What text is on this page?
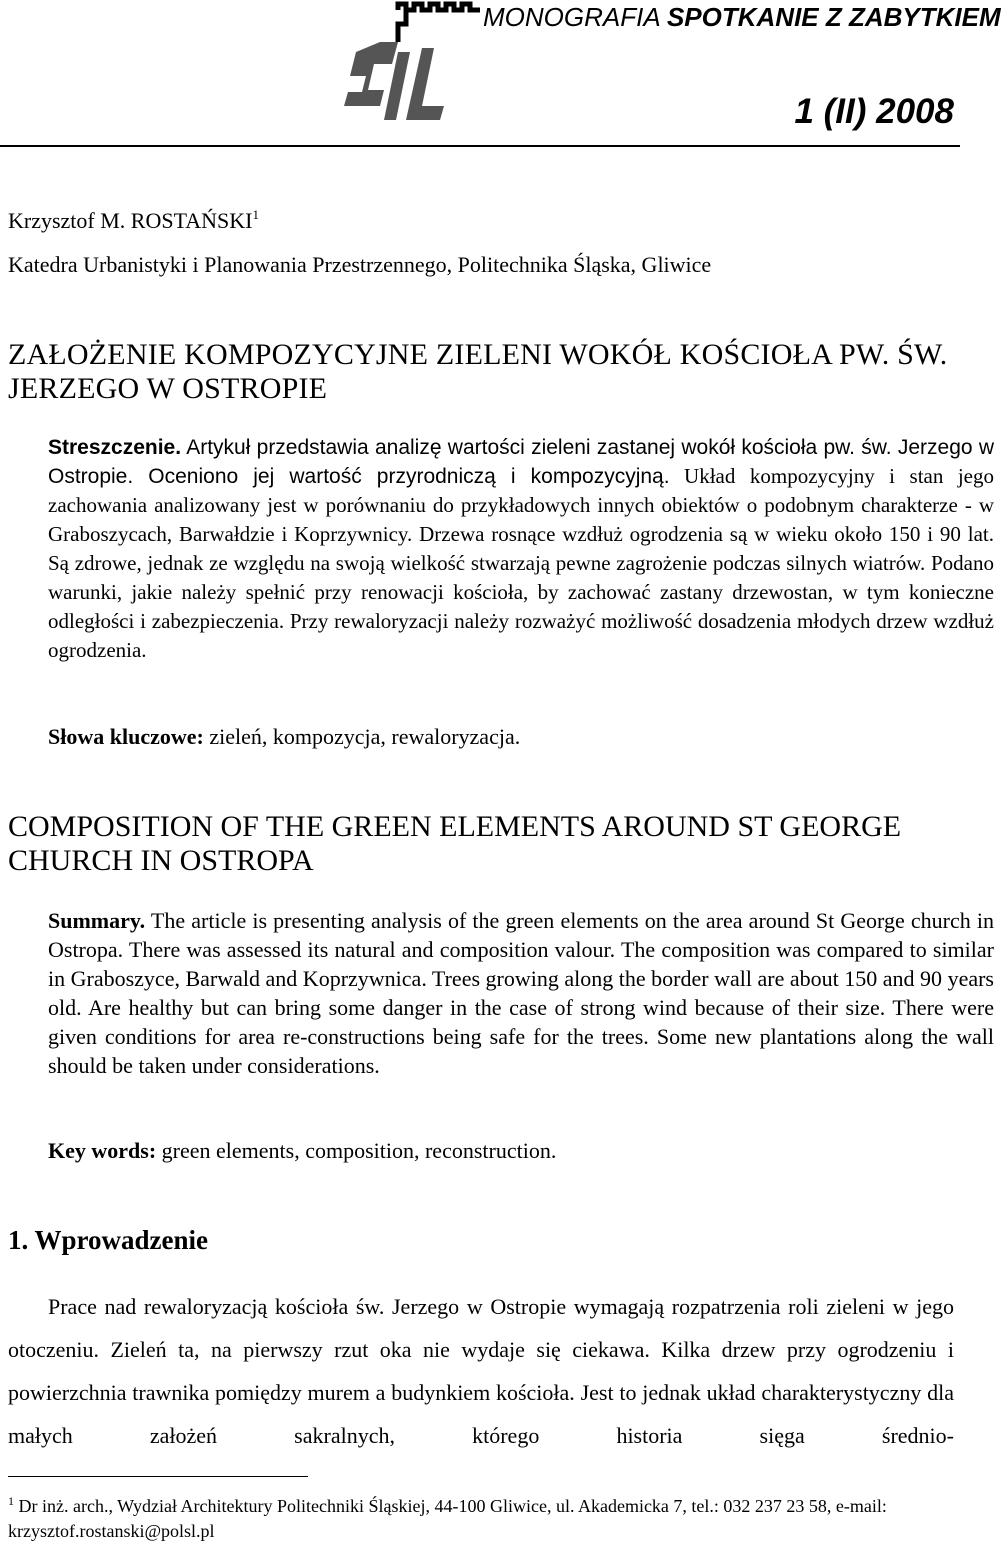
MONOGRAFIA SPOTKANIE Z ZABYTKIEM
1 (II) 2008
Krzysztof M. ROSTAŃSKI$^1$
Katedra Urbanistyki i Planowania Przestrzennego, Politechnika Śląska, Gliwice
ZAŁOŻENIE KOMPOZYCYJNE ZIELENI WOKÓŁ KOŚCIOŁA PW. ŚW. JERZEGO W OSTROPIE

Streszczenie. Artykuł przedstawia analizę wartości zieleni zastanej wokół kościoła pw. św. Jerzego w Ostropie. Oceniono jej wartość przyrodniczą i kompozycyjną. Układ kompozycyjny i stan jego zachowania analizowany jest w porównaniu do przykładowych innych obiektów o podobnym charakterze - w Graboszycach, Barwałdzie i Koprzywnicy. Drzewa rosnące wzdłuż ogrodzenia są w wieku około 150 i 90 lat. Są zdrowe, jednak ze względu na swoją wielkość stwarzają pewne zagrożenie podczas silnych wiatrów. Podano warunki, jakie należy spełnić przy renowacji kościoła, by zachować zastany drzewostan, w tym konieczne odległości i zabezpieczenia. Przy rewaloryzacji należy rozważyć możliwość dosadzenia młodych drzew wzdłuż ogrodzenia.

Słowa kluczowe: zieleń, kompozycja, rewaloryzacja.
COMPOSITION OF THE GREEN ELEMENTS AROUND ST GEORGE CHURCH IN OSTROPA

Summary. The article is presenting analysis of the green elements on the area around St George church in Ostropa. There was assessed its natural and composition valour. The composition was compared to similar in Graboszyce, Barwald and Koprzywnica. Trees growing along the border wall are about 150 and 90 years old. Are healthy but can bring some danger in the case of strong wind because of their size. There were given conditions for area re-constructions being safe for the trees. Some new plantations along the wall should be taken under considerations.

Key words: green elements, composition, reconstruction.
1. Wprowadzenie

Prace nad rewaloryzacją kościoła św. Jerzego w Ostropie wymagają rozpatrzenia roli zieleni w jego otoczeniu. Zieleń ta, na pierwszy rzut oka nie wydaje się ciekawa. Kilka drzew przy ogrodzeniu i powierzchnia trawnika pomiędzy murem a budynkiem kościoła. Jest to jednak układ charakterystyczny dla małych założeń sakralnych, którego historia sięga średnio-

$^1$ Dr inż. arch., Wydział Architektury Politechniki Śląskiej, 44-100 Gliwice, ul. Akademicka 7, tel.: 032 237 23 58, e-mail: krzysztof.rostanski@polsl.pl
